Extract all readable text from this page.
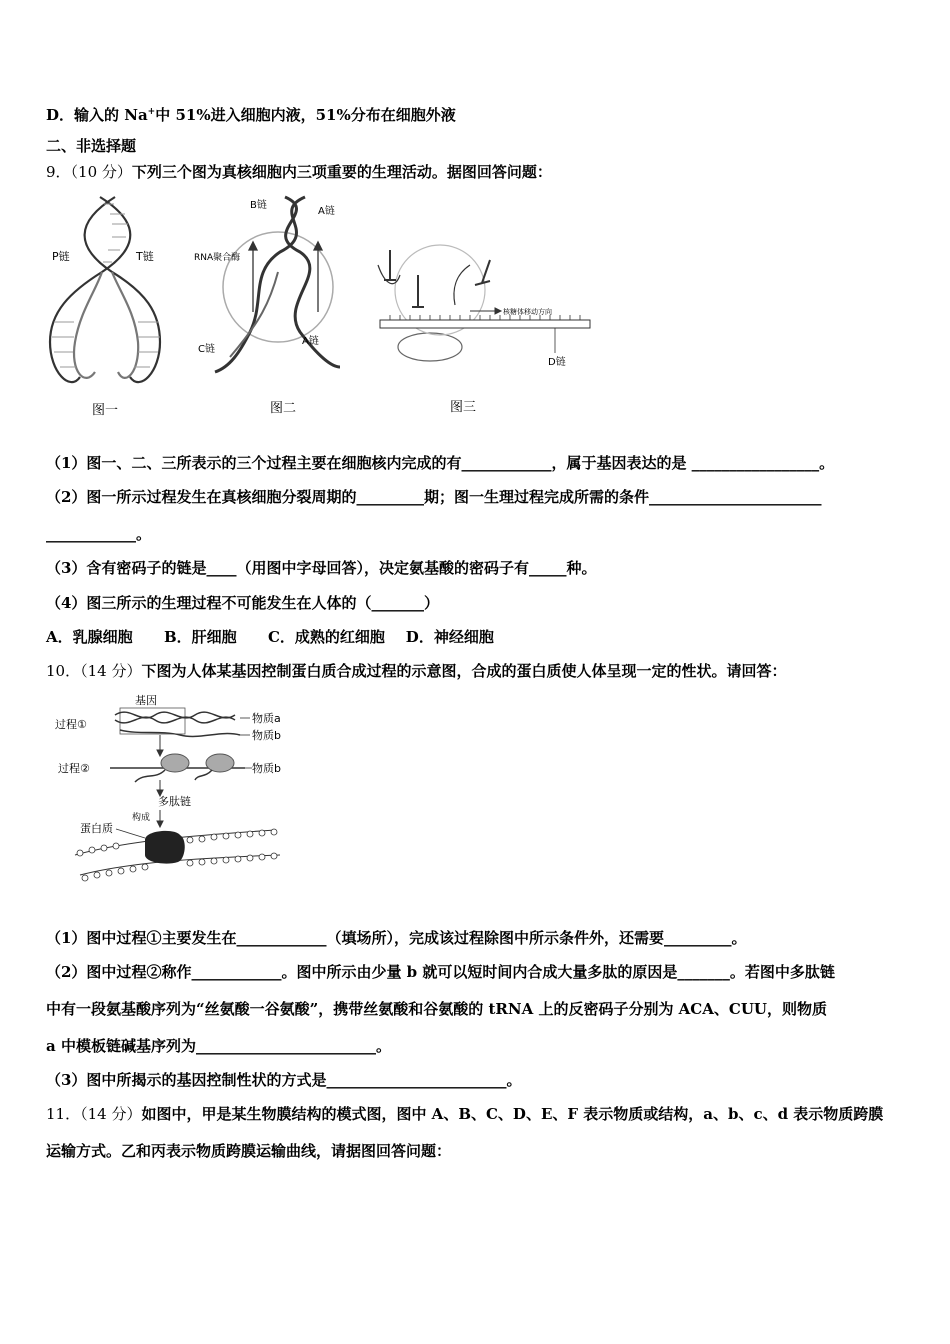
D．输入的 Na+中 51%进入细胞内液，51%分布在细胞外液
二、非选择题
9．（10 分）下列三个图为真核细胞内三项重要的生理活动。据图回答问题：
P链	T链
图一
B链
A链
RNA聚合酶
C链
A链
图二
核糖体移动方向
D链
图三
（1）图一、二、三所表示的三个过程主要在细胞核内完成的有____________，属于基因表达的是 _________________。
（2）图一所示过程发生在真核细胞分裂周期的_________期；图一生理过程完成所需的条件_______________________
____________。
（3）含有密码子的链是____（用图中字母回答），决定氨基酸的密码子有_____种。
（4）图三所示的生理过程不可能发生在人体的（_______）
A．乳腺细胞      B．肝细胞      C．成熟的红细胞    D．神经细胞
10．（14 分）下图为人体某基因控制蛋白质合成过程的示意图，合成的蛋白质使人体呈现一定的性状。请回答：
基因
过程①	物质a
物质b
过程②	物质b
多肽链
构成
蛋白质
（1）图中过程①主要发生在____________（填场所），完成该过程除图中所示条件外，还需要_________。
（2）图中过程②称作____________。图中所示由少量 b 就可以短时间内合成大量多肽的原因是_______。若图中多肽链
中有一段氨基酸序列为“丝氨酸一谷氨酸”，携带丝氨酸和谷氨酸的 tRNA 上的反密码子分别为 ACA、CUU，则物质
a 中模板链碱基序列为________________________。
（3）图中所揭示的基因控制性状的方式是________________________。
11．（14 分）如图中，甲是某生物膜结构的模式图，图中 A、B、C、D、E、F 表示物质或结构，a、b、c、d 表示物质跨膜
运输方式。乙和丙表示物质跨膜运输曲线，请据图回答问题：
